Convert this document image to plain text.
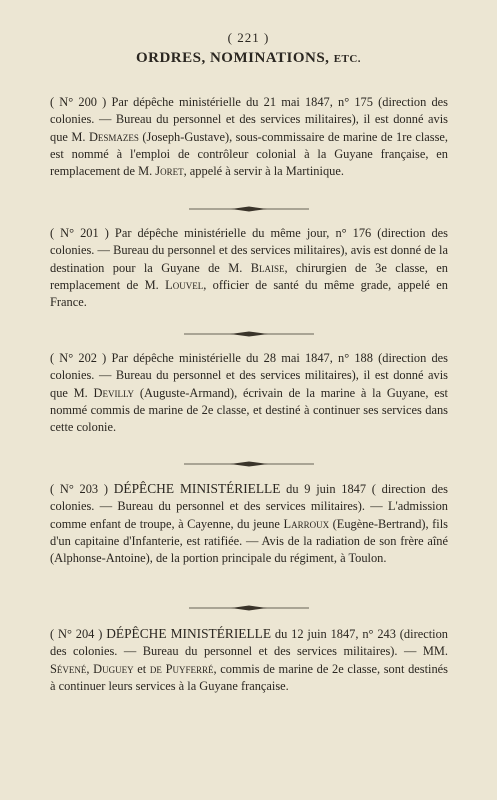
( 221 )
ORDRES, NOMINATIONS, ETC.
( N° 200 ) Par dépêche ministérielle du 21 mai 1847, n° 175 (direction des colonies. — Bureau du personnel et des services militaires), il est donné avis que M. Desmazes (Joseph-Gustave), sous-commissaire de marine de 1re classe, est nommé à l'emploi de contrôleur colonial à la Guyane française, en remplacement de M. Joret, appelé à servir à la Martinique.
( N° 201 ) Par dépêche ministérielle du même jour, n° 176 (direction des colonies. — Bureau du personnel et des services militaires), avis est donné de la destination pour la Guyane de M. Blaise, chirurgien de 3e classe, en remplacement de M. Louvel, officier de santé du même grade, appelé en France.
( N° 202 ) Par dépêche ministérielle du 28 mai 1847, n° 188 (direction des colonies. — Bureau du personnel et des services militaires), il est donné avis que M. Devilly (Auguste-Armand), écrivain de la marine à la Guyane, est nommé commis de marine de 2e classe, et destiné à continuer ses services dans cette colonie.
( N° 203 ) DÉPÊCHE MINISTÉRIELLE du 9 juin 1847 ( direction des colonies. — Bureau du personnel et des services militaires). — L'admission comme enfant de troupe, à Cayenne, du jeune Larroux (Eugène-Bertrand), fils d'un capitaine d'Infanterie, est ratifiée. — Avis de la radiation de son frère aîné (Alphonse-Antoine), de la portion principale du régiment, à Toulon.
( N° 204 ) DÉPÊCHE MINISTÉRIELLE du 12 juin 1847, n° 243 (direction des colonies. — Bureau du personnel et des services militaires). — MM. Sévené, Duguey et de Puyferré, commis de marine de 2e classe, sont destinés à continuer leurs services à la Guyane française.
